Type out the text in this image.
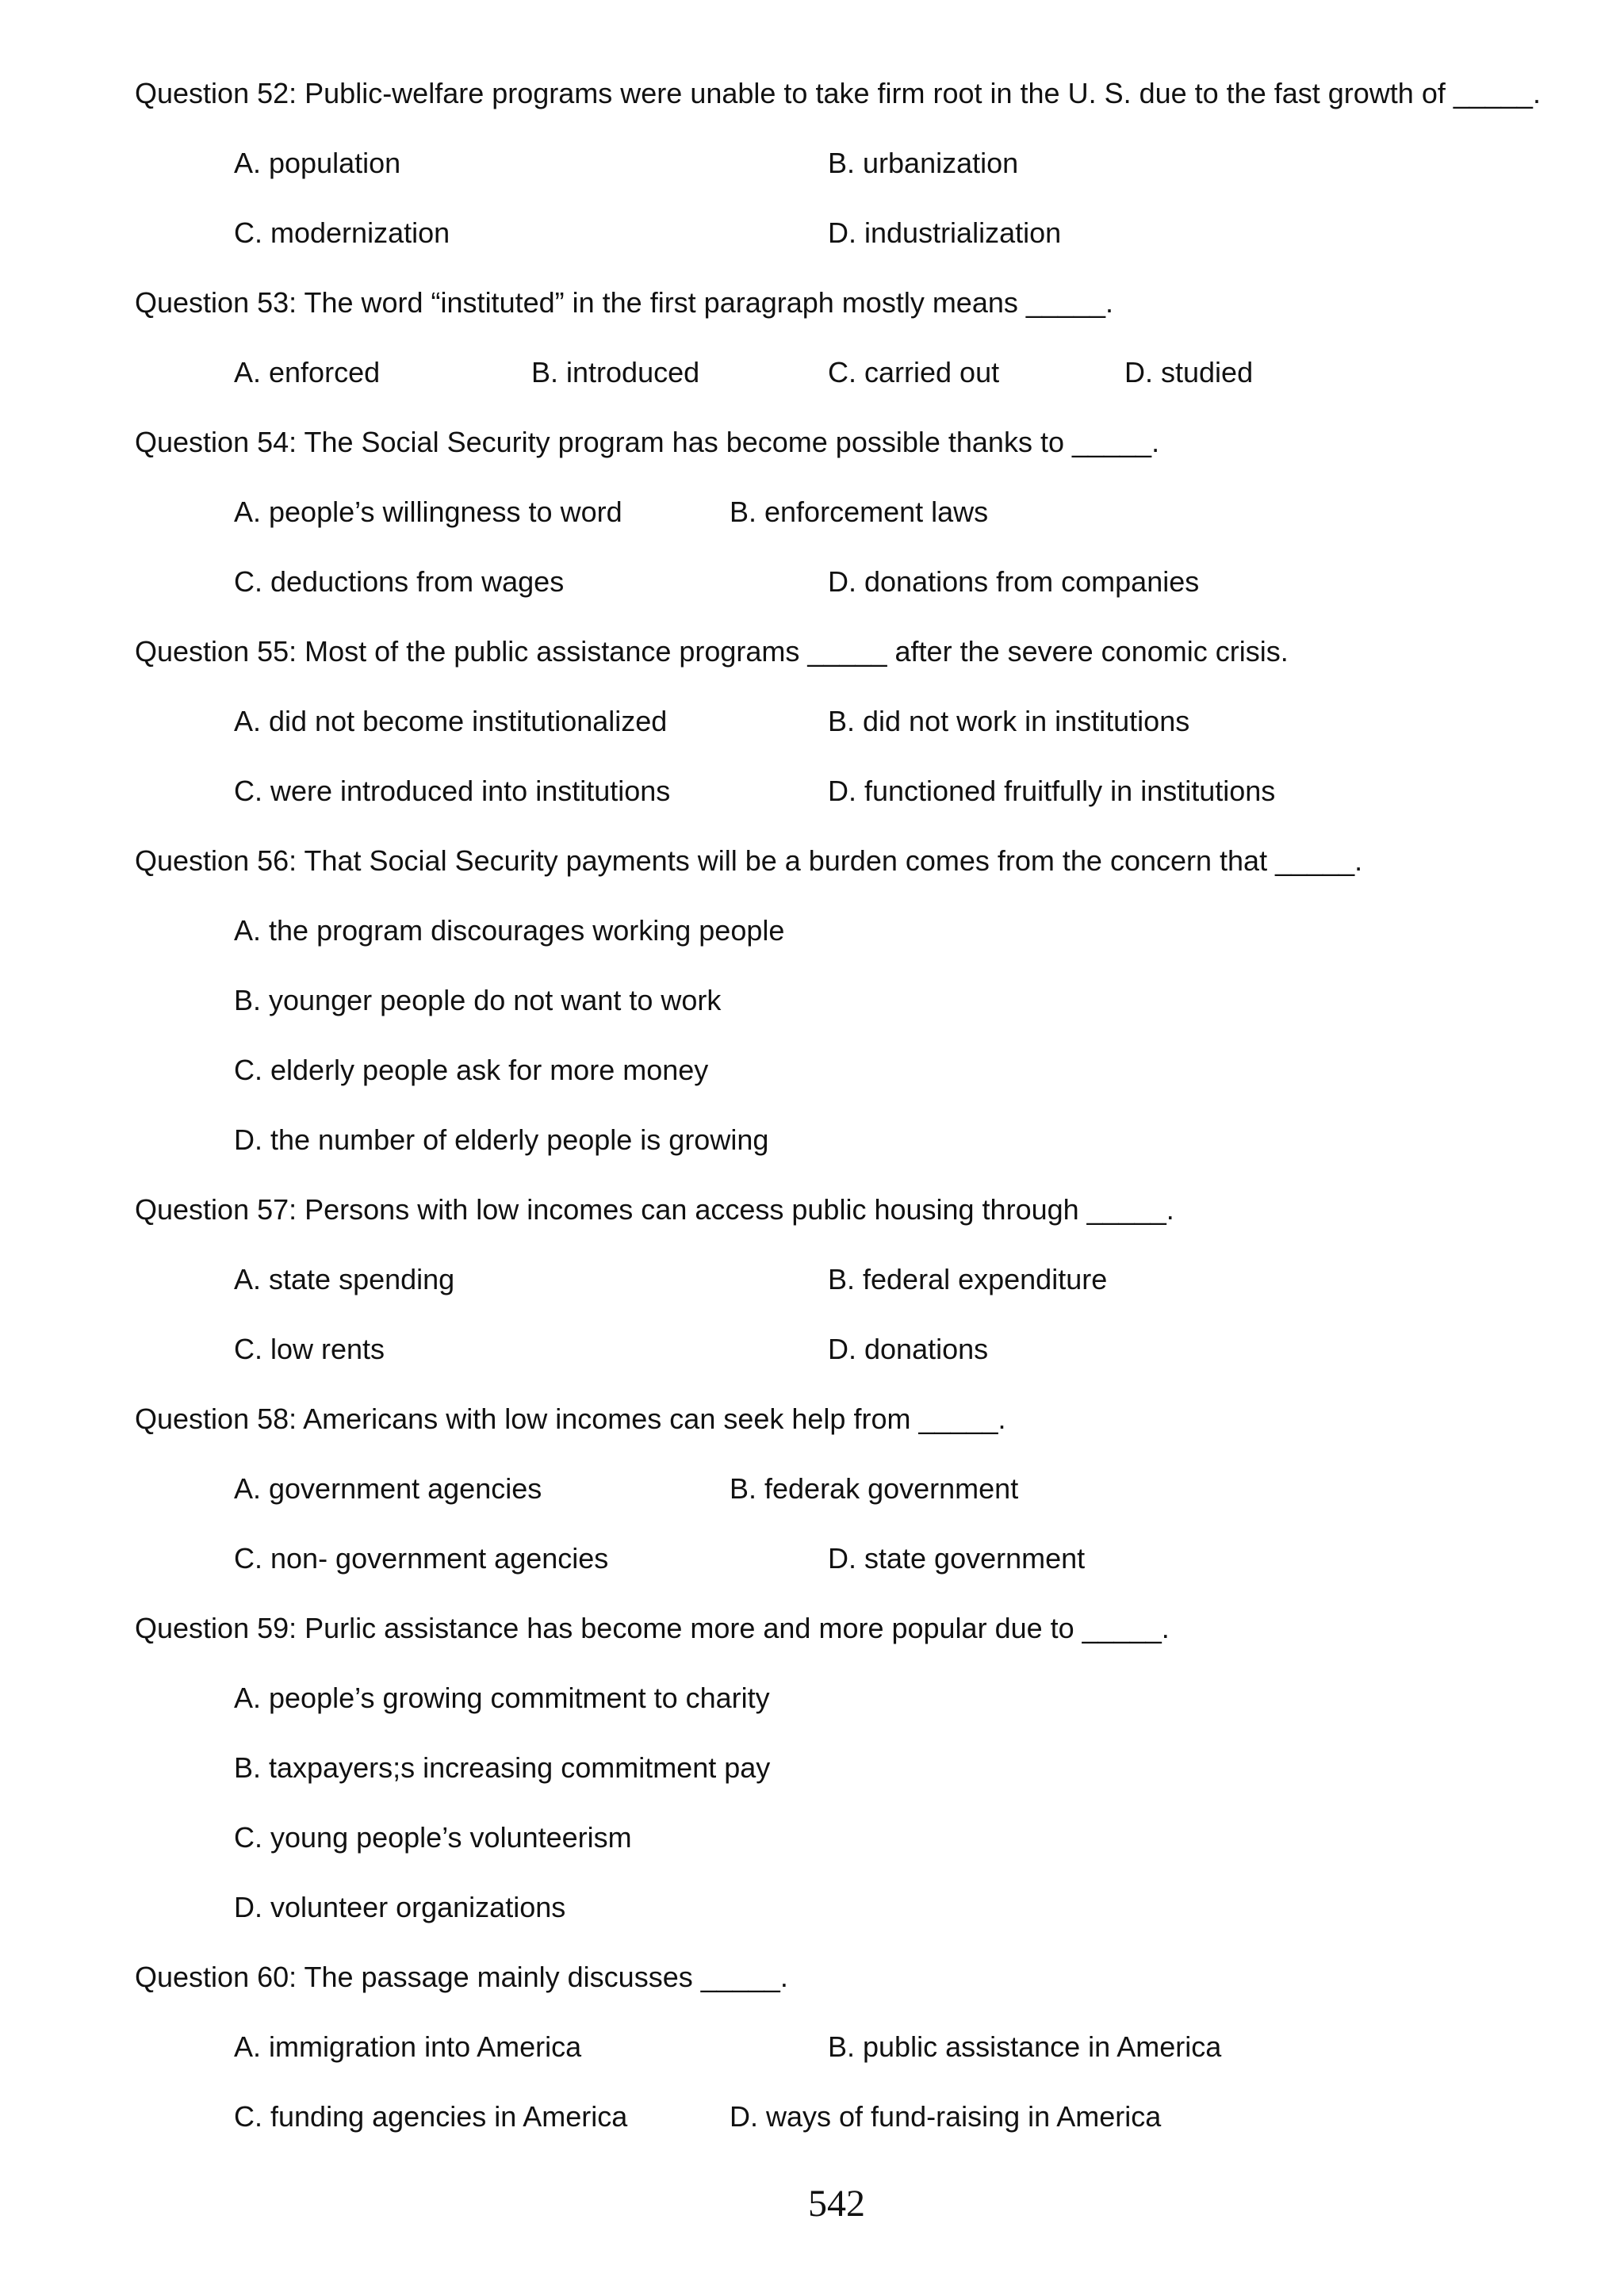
Question 52: Public-welfare programs were unable to take firm root in the U. S. due to the fast growth of _____.
A. population	B. urbanization
C. modernization	D. industrialization
Question 53: The word “instituted” in the first paragraph mostly means _____.
A. enforced	B. introduced	C. carried out	D. studied
Question 54: The Social Security program has become possible thanks to _____.
A. people’s willingness to word	B. enforcement laws
C. deductions from wages	D. donations from companies
Question 55: Most of the public assistance programs _____ after the severe conomic crisis.
A. did not become institutionalized	B. did not work in institutions
C. were introduced into institutions	D. functioned fruitfully in institutions
Question 56: That Social Security payments will be a burden comes from the concern that _____.
A. the program discourages working people
B. younger people do not want to work
C. elderly people ask for more money
D. the number of elderly people is growing
Question 57: Persons with low incomes can access public housing through _____.
A. state spending	B. federal expenditure
C. low rents	D. donations
Question 58: Americans with low incomes can seek help from _____.
A. government agencies	B. federak government
C. non- government agencies	D. state government
Question 59: Purlic assistance has become more and more popular due to _____.
A. people’s growing commitment to charity
B. taxpayers;s increasing commitment pay
C. young people’s volunteerism
D. volunteer organizations
Question 60: The passage mainly discusses _____.
A. immigration into America	B. public assistance in America
C. funding agencies in America	D. ways of fund-raising in America
542
